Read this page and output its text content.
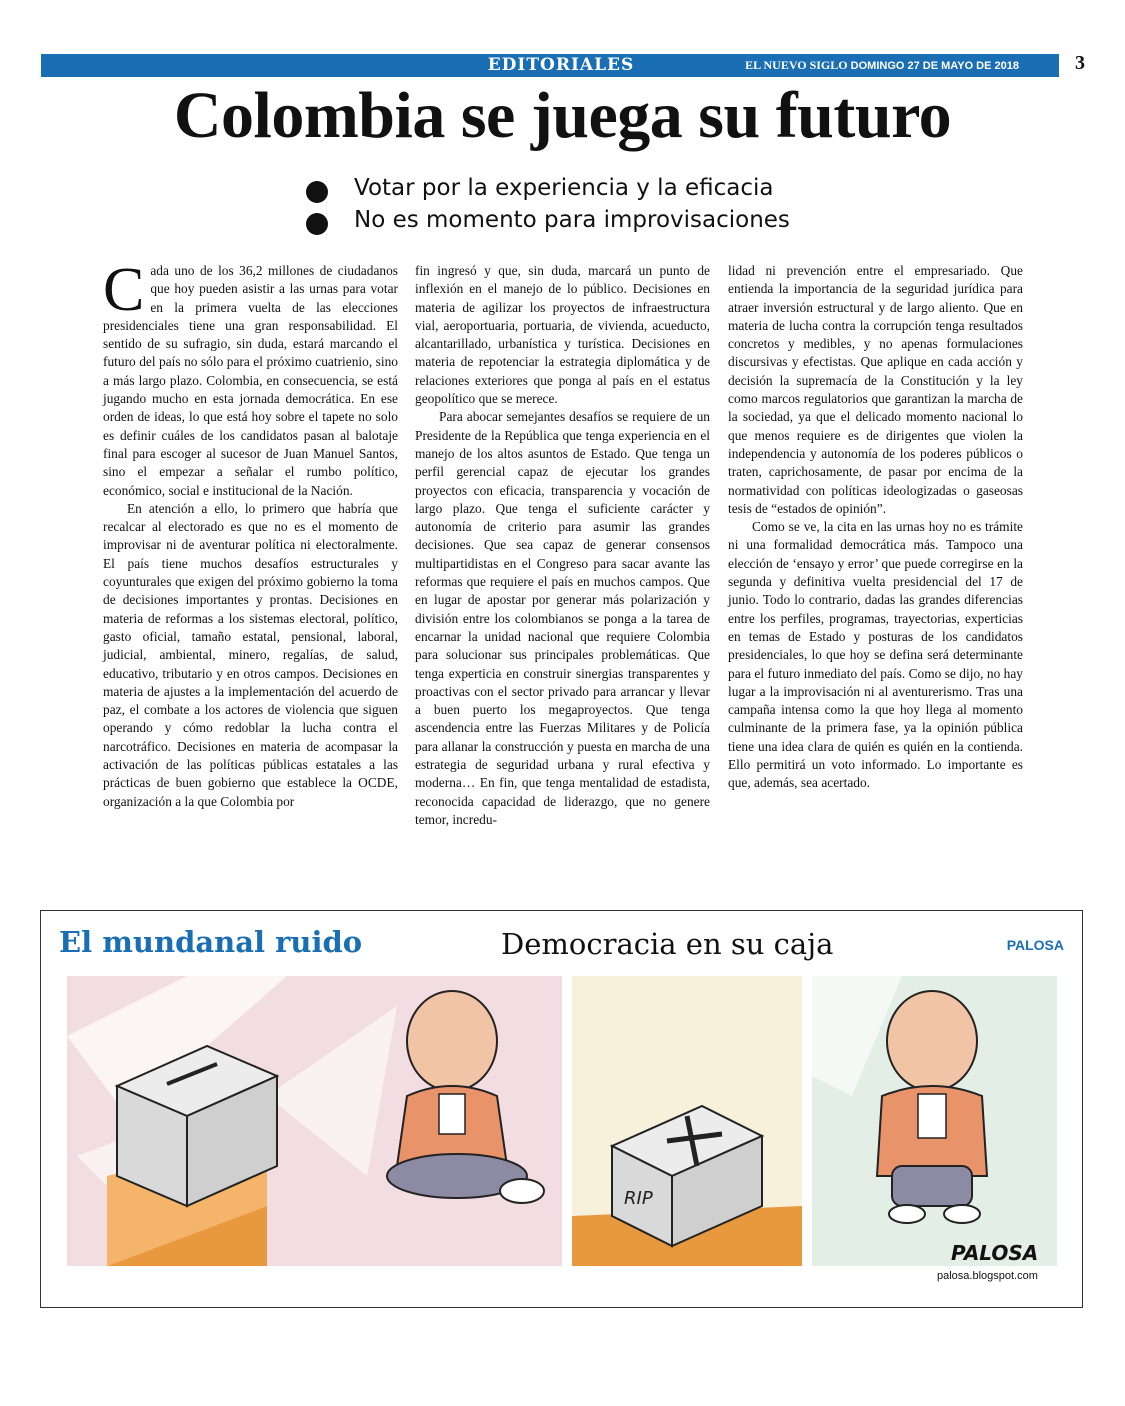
EDITORIALES	EL NUEVO SIGLO DOMINGO 27 DE MAYO DE 2018	3
Colombia se juega su futuro
Votar por la experiencia y la eficacia
No es momento para improvisaciones

Cada uno de los 36,2 millones de ciudadanos que hoy pueden asistir a las urnas para votar en la primera vuelta de las elecciones presidenciales tiene una gran responsabilidad. El sentido de su sufragio, sin duda, estará marcando el futuro del país no sólo para el próximo cuatrienio, sino a más largo plazo. Colombia, en consecuencia, se está jugando mucho en esta jornada democrática. En ese orden de ideas, lo que está hoy sobre el tapete no solo es definir cuáles de los candidatos pasan al balotaje final para escoger al sucesor de Juan Manuel Santos, sino el empezar a señalar el rumbo político, económico, social e institucional de la Nación.

En atención a ello, lo primero que habría que recalcar al electorado es que no es el momento de improvisar ni de aventurar política ni electoralmente. El país tiene muchos desafíos estructurales y coyunturales que exigen del próximo gobierno la toma de decisiones importantes y prontas. Decisiones en materia de reformas a los sistemas electoral, político, gasto oficial, tamaño estatal, pensional, laboral, judicial, ambiental, minero, regalías, de salud, educativo, tributario y en otros campos. Decisiones en materia de ajustes a la implementación del acuerdo de paz, el combate a los actores de violencia que siguen operando y cómo redoblar la lucha contra el narcotráfico. Decisiones en materia de acompasar la activación de las políticas públicas estatales a las prácticas de buen gobierno que establece la OCDE, organización a la que Colombia por

fin ingresó y que, sin duda, marcará un punto de inflexión en el manejo de lo público. Decisiones en materia de agilizar los proyectos de infraestructura vial, aeroportuaria, portuaria, de vivienda, acueducto, alcantarillado, urbanística y turística. Decisiones en materia de repotenciar la estrategia diplomática y de relaciones exteriores que ponga al país en el estatus geopolítico que se merece.

Para abocar semejantes desafíos se requiere de un Presidente de la República que tenga experiencia en el manejo de los altos asuntos de Estado. Que tenga un perfil gerencial capaz de ejecutar los grandes proyectos con eficacia, transparencia y vocación de largo plazo. Que tenga el suficiente carácter y autonomía de criterio para asumir las grandes decisiones. Que sea capaz de generar consensos multipartidistas en el Congreso para sacar avante las reformas que requiere el país en muchos campos. Que en lugar de apostar por generar más polarización y división entre los colombianos se ponga a la tarea de encarnar la unidad nacional que requiere Colombia para solucionar sus principales problemáticas. Que tenga experticia en construir sinergias transparentes y proactivas con el sector privado para arrancar y llevar a buen puerto los megaproyectos. Que tenga ascendencia entre las Fuerzas Militares y de Policía para allanar la construcción y puesta en marcha de una estrategia de seguridad urbana y rural efectiva y moderna… En fin, que tenga mentalidad de estadista, reconocida capacidad de liderazgo, que no genere temor, incredu-

lidad ni prevención entre el empresariado. Que entienda la importancia de la seguridad jurídica para atraer inversión estructural y de largo aliento. Que en materia de lucha contra la corrupción tenga resultados concretos y medibles, y no apenas formulaciones discursivas y efectistas. Que aplique en cada acción y decisión la supremacía de la Constitución y la ley como marcos regulatorios que garantizan la marcha de la sociedad, ya que el delicado momento nacional lo que menos requiere es de dirigentes que violen la independencia y autonomía de los poderes públicos o traten, caprichosamente, de pasar por encima de la normatividad con políticas ideologizadas o gaseosas tesis de “estados de opinión”.

Como se ve, la cita en las urnas hoy no es trámite ni una formalidad democrática más. Tampoco una elección de ‘ensayo y error’ que puede corregirse en la segunda y definitiva vuelta presidencial del 17 de junio. Todo lo contrario, dadas las grandes diferencias entre los perfiles, programas, trayectorias, experticias en temas de Estado y posturas de los candidatos presidenciales, lo que hoy se defina será determinante para el futuro inmediato del país. Como se dijo, no hay lugar a la improvisación ni al aventurerismo. Tras una campaña intensa como la que hoy llega al momento culminante de la primera fase, ya la opinión pública tiene una idea clara de quién es quién en la contienda. Ello permitirá un voto informado. Lo importante es que, además, sea acertado.

El mundanal ruido	Democracia en su caja	PALOSA
RIP
PALOSA
palosa.blogspot.com
